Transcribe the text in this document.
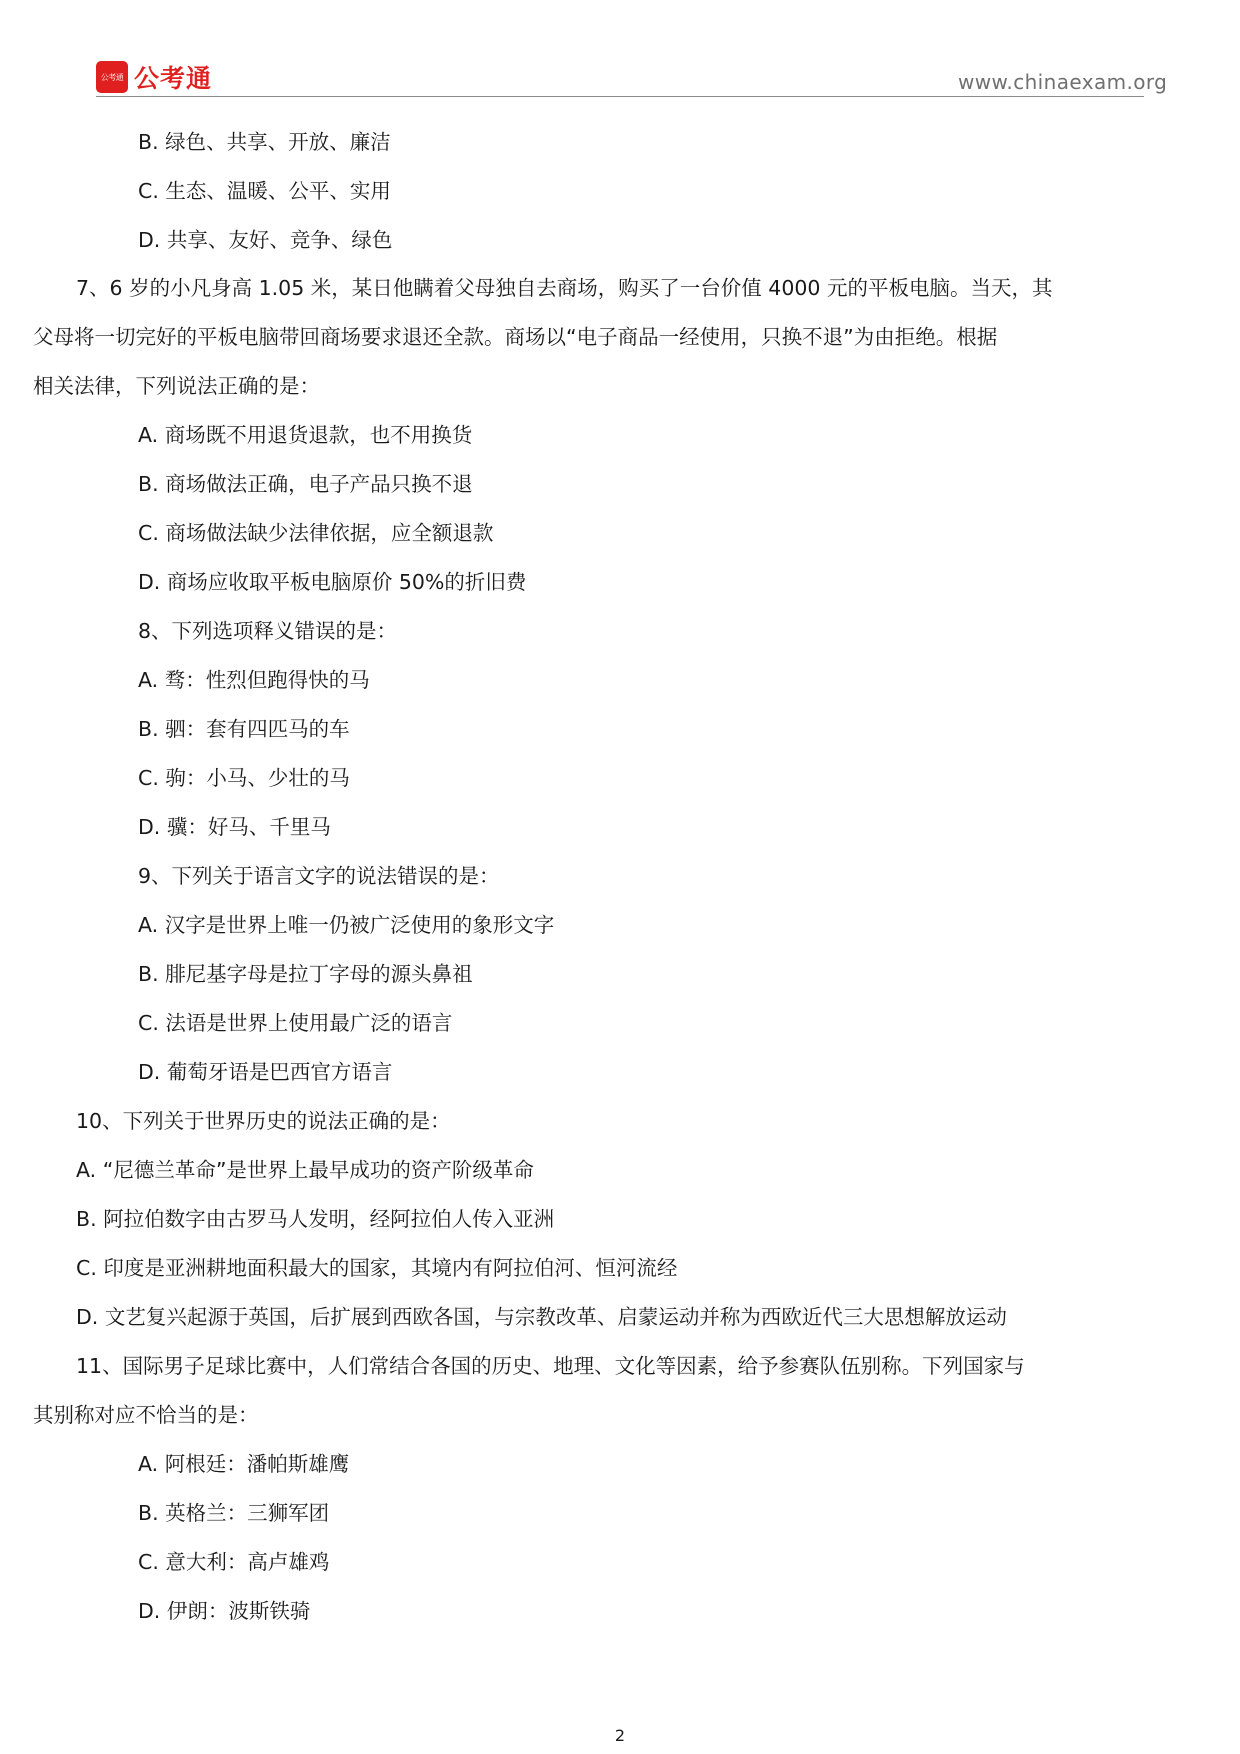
公考通 公考通	www.chinaexam.org
B. 绿色、共享、开放、廉洁
C. 生态、温暖、公平、实用
D. 共享、友好、竞争、绿色
7、6 岁的小凡身高 1.05 米，某日他瞒着父母独自去商场，购买了一台价值 4000 元的平板电脑。当天，其
父母将一切完好的平板电脑带回商场要求退还全款。商场以“电子商品一经使用，只换不退”为由拒绝。根据
相关法律，下列说法正确的是：
A. 商场既不用退货退款，也不用换货
B. 商场做法正确，电子产品只换不退
C. 商场做法缺少法律依据，应全额退款
D. 商场应收取平板电脑原价 50%的折旧费
8、下列选项释义错误的是：
A. 骛：性烈但跑得快的马
B. 驷：套有四匹马的车
C. 驹：小马、少壮的马
D. 骥：好马、千里马
9、下列关于语言文字的说法错误的是：
A. 汉字是世界上唯一仍被广泛使用的象形文字
B. 腓尼基字母是拉丁字母的源头鼻祖
C. 法语是世界上使用最广泛的语言
D. 葡萄牙语是巴西官方语言
10、下列关于世界历史的说法正确的是：
A. “尼德兰革命”是世界上最早成功的资产阶级革命
B. 阿拉伯数字由古罗马人发明，经阿拉伯人传入亚洲
C. 印度是亚洲耕地面积最大的国家，其境内有阿拉伯河、恒河流经
D. 文艺复兴起源于英国，后扩展到西欧各国，与宗教改革、启蒙运动并称为西欧近代三大思想解放运动
11、国际男子足球比赛中，人们常结合各国的历史、地理、文化等因素，给予参赛队伍别称。下列国家与
其别称对应不恰当的是：
A. 阿根廷：潘帕斯雄鹰
B. 英格兰：三狮军团
C. 意大利：高卢雄鸡
D. 伊朗：波斯铁骑
2
